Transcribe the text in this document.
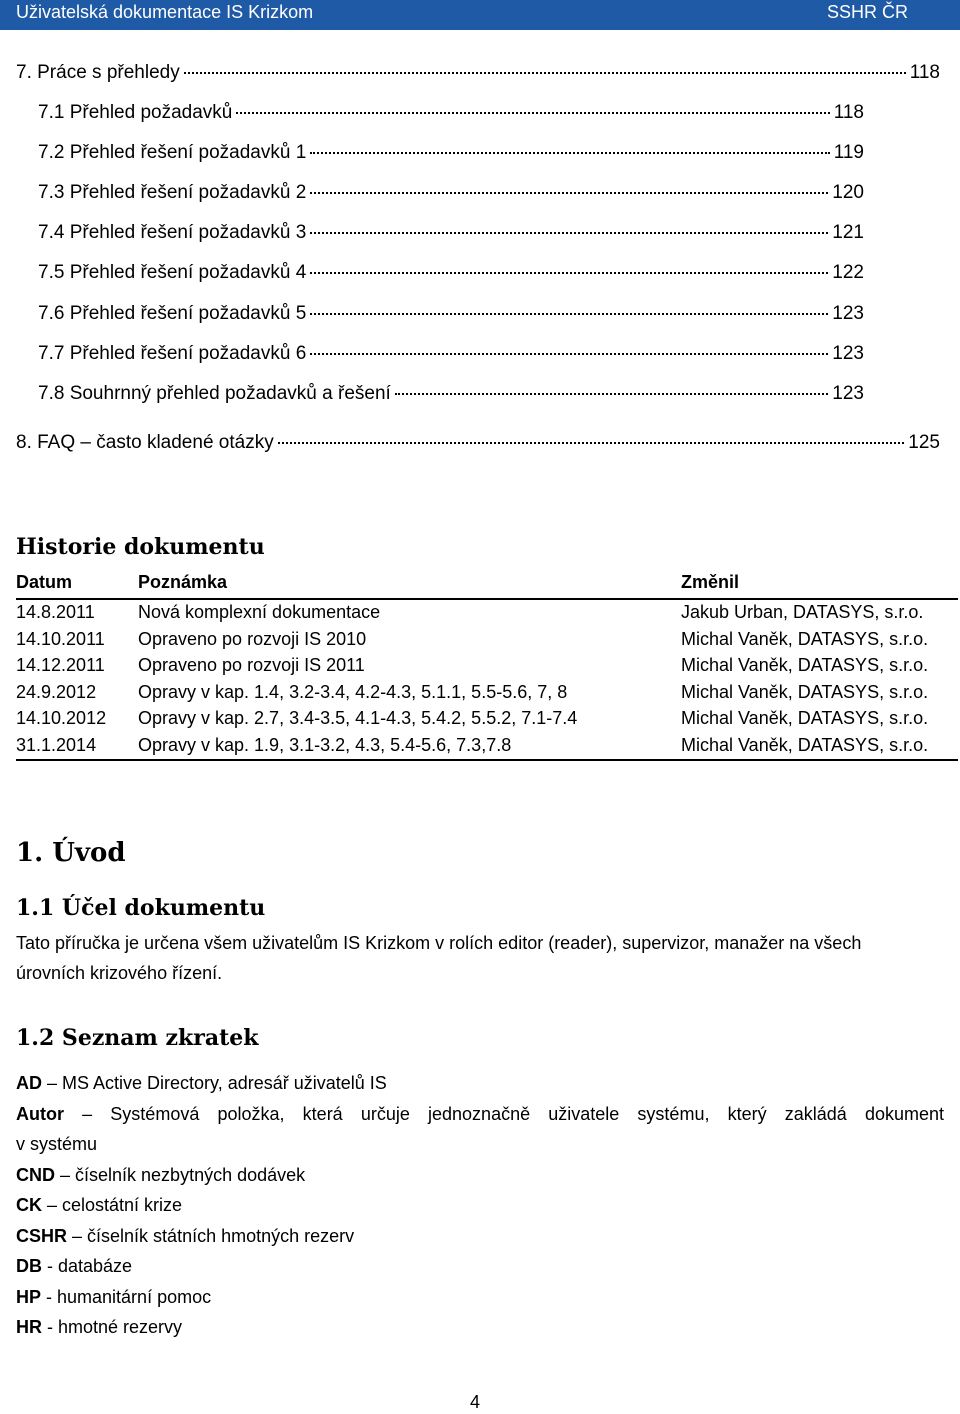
Uživatelská dokumentace IS Krizkom	SSHR ČR
7. Práce s přehledy	118
7.1 Přehled požadavků	118
7.2 Přehled řešení požadavků 1	119
7.3 Přehled řešení požadavků 2	120
7.4 Přehled řešení požadavků 3	121
7.5 Přehled řešení požadavků 4	122
7.6 Přehled řešení požadavků 5	123
7.7 Přehled řešení požadavků 6	123
7.8 Souhrnný přehled požadavků a řešení	123
8. FAQ – často kladené otázky	125
Historie dokumentu
Datum	Poznámka	Změnil
14.8.2011 Nová komplexní dokumentace	Jakub Urban, DATASYS, s.r.o.
14.10.2011 Opraveno po rozvoji IS 2010	Michal Vaněk, DATASYS, s.r.o.
14.12.2011 Opraveno po rozvoji IS 2011	Michal Vaněk, DATASYS, s.r.o.
24.9.2012 Opravy v kap. 1.4, 3.2-3.4, 4.2-4.3, 5.1.1, 5.5-5.6, 7, 8	Michal Vaněk, DATASYS, s.r.o.
14.10.2012 Opravy v kap. 2.7, 3.4-3.5, 4.1-4.3, 5.4.2, 5.5.2, 7.1-7.4	Michal Vaněk, DATASYS, s.r.o.
31.1.2014 Opravy v kap. 1.9, 3.1-3.2, 4.3, 5.4-5.6, 7.3,7.8	Michal Vaněk, DATASYS, s.r.o.
1. Úvod
1.1 Účel dokumentu
Tato příručka je určena všem uživatelům IS Krizkom v rolích editor (reader), supervizor, manažer na všech
úrovních krizového řízení.
1.2 Seznam zkratek
AD – MS Active Directory, adresář uživatelů IS
Autor – Systémová položka, která určuje jednoznačně uživatele systému, který zakládá dokument
v systému
CND – číselník nezbytných dodávek
CK – celostátní krize
CSHR – číselník státních hmotných rezerv
DB - databáze
HP - humanitární pomoc
HR - hmotné rezervy
4
